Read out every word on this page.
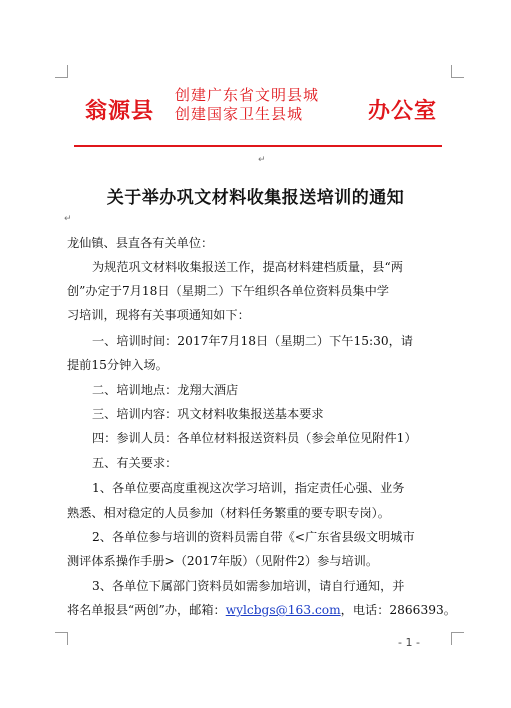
翁源县
创建广东省文明县城
创建国家卫生县城	办公室
↵
关于举办巩文材料收集报送培训的通知
↵
龙仙镇、县直各有关单位：
为规范巩文材料收集报送工作，提高材料建档质量，县“两
创”办定于7月18日（星期二）下午组织各单位资料员集中学
习培训，现将有关事项通知如下：
一、培训时间：2017年7月18日（星期二）下午15:30，请
提前15分钟入场。
二、培训地点：龙翔大酒店
三、培训内容：巩文材料收集报送基本要求
四：参训人员：各单位材料报送资料员（参会单位见附件1）
五、有关要求：
1、各单位要高度重视这次学习培训，指定责任心强、业务
熟悉、相对稳定的人员参加（材料任务繁重的要专职专岗）。
2、各单位参与培训的资料员需自带《<广东省县级文明城市
测评体系操作手册>（2017年版）（见附件2）参与培训。
3、各单位下属部门资料员如需参加培训，请自行通知，并
将名单报县“两创”办，邮箱：wylcbgs@163.com，电话：2866393。
- 1 -
